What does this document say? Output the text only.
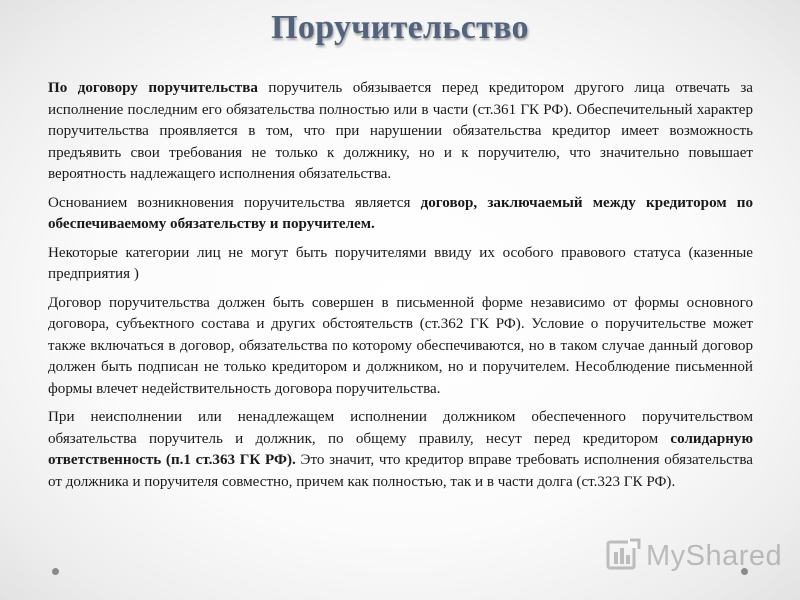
Поручительство

По договору поручительства поручитель обязывается перед кредитором другого лица отвечать за исполнение последним его обязательства полностью или в части (ст.361 ГК РФ). Обеспечительный характер поручительства проявляется в том, что при нарушении обязательства кредитор имеет возможность предъявить свои требования не только к должнику, но и к поручителю, что значительно повышает вероятность надлежащего исполнения обязательства.

Основанием возникновения поручительства является договор, заключаемый между кредитором по обеспечиваемому обязательству и поручителем.

Некоторые категории лиц не могут быть поручителями ввиду их особого правового статуса (казенные предприятия )

Договор поручительства должен быть совершен в письменной форме независимо от формы основного договора, субъектного состава и других обстоятельств (ст.362 ГК РФ). Условие о поручительстве может также включаться в договор, обязательства по которому обеспечиваются, но в таком случае данный договор должен быть подписан не только кредитором и должником, но и поручителем. Несоблюдение письменной формы влечет недействительность договора поручительства.

При неисполнении или ненадлежащем исполнении должником обеспеченного поручительством обязательства поручитель и должник, по общему правилу, несут перед кредитором солидарную ответственность (п.1 ст.363 ГК РФ). Это значит, что кредитор вправе требовать исполнения обязательства от должника и поручителя совместно, причем как полностью, так и в части долга (ст.323 ГК РФ).

MyShared
